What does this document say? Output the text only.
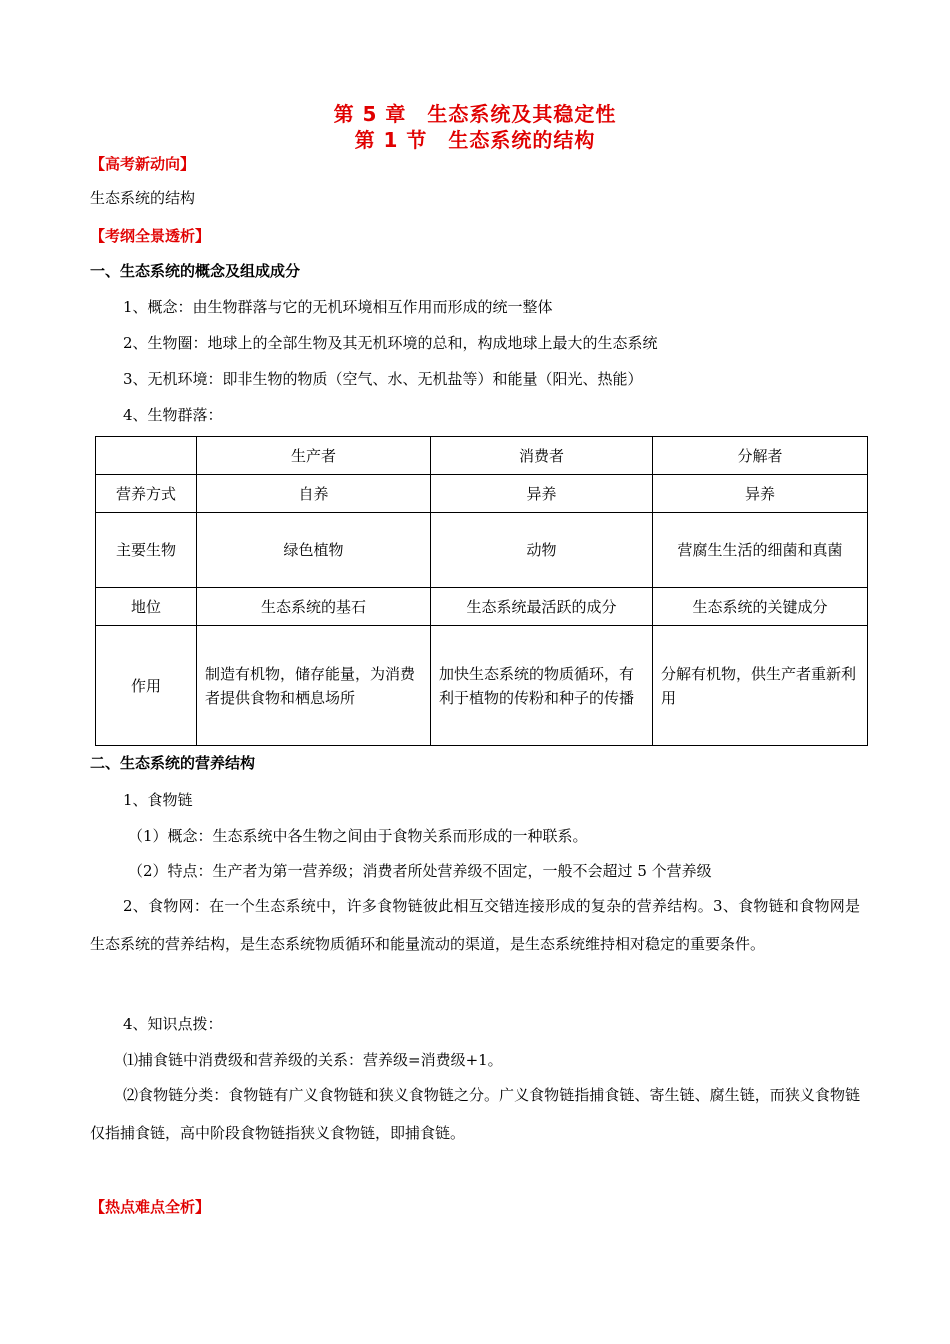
第 5 章　生态系统及其稳定性
第 1 节　生态系统的结构
【高考新动向】
生态系统的结构
【考纲全景透析】
一、生态系统的概念及组成成分
1、概念：由生物群落与它的无机环境相互作用而形成的统一整体
2、生物圈：地球上的全部生物及其无机环境的总和，构成地球上最大的生态系统
3、无机环境：即非生物的物质（空气、水、无机盐等）和能量（阳光、热能）
4、生物群落：
	生产者	消费者	分解者
营养方式	自养	异养	异养
主要生物	绿色植物	动物	营腐生生活的细菌和真菌
地位	生态系统的基石	生态系统最活跃的成分	生态系统的关键成分
作用	制造有机物，储存能量，为消费者提供食物和栖息场所	加快生态系统的物质循环，有利于植物的传粉和种子的传播	分解有机物，供生产者重新利用
二、生态系统的营养结构
1、食物链
（1）概念：生态系统中各生物之间由于食物关系而形成的一种联系。
（2）特点：生产者为第一营养级；消费者所处营养级不固定，一般不会超过 5 个营养级
2、食物网：在一个生态系统中，许多食物链彼此相互交错连接形成的复杂的营养结构。3、食物链和食物网是生态系统的营养结构，是生态系统物质循环和能量流动的渠道，是生态系统维持相对稳定的重要条件。
4、知识点拨：
⑴捕食链中消费级和营养级的关系：营养级=消费级+1。
⑵食物链分类：食物链有广义食物链和狭义食物链之分。广义食物链指捕食链、寄生链、腐生链，而狭义食物链仅指捕食链，高中阶段食物链指狭义食物链，即捕食链。
【热点难点全析】
